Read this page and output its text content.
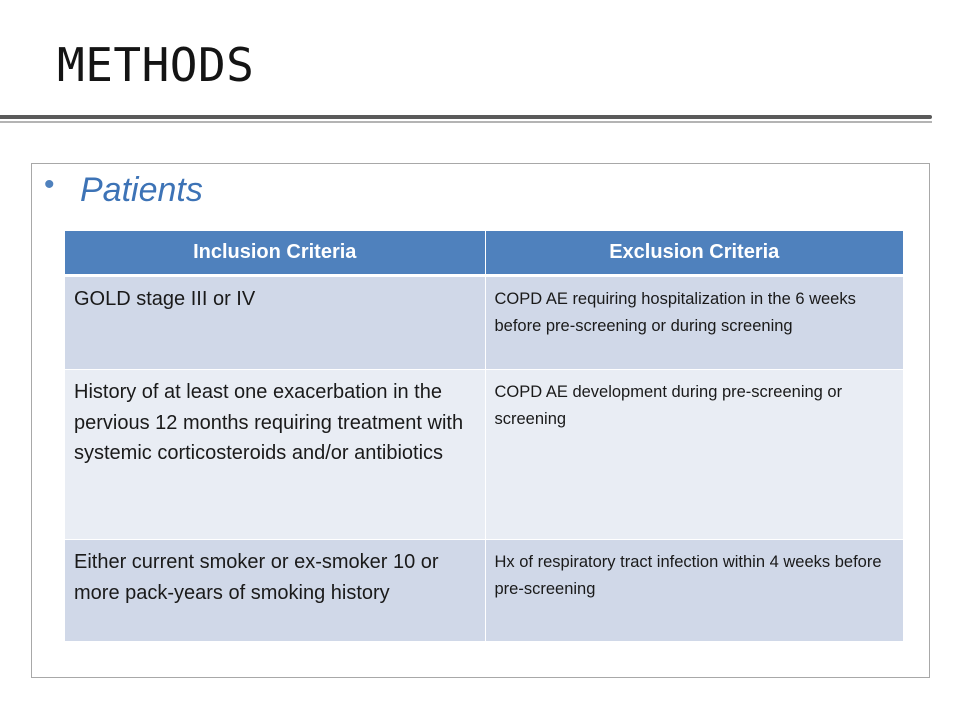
METHODS
• Patients
Inclusion Criteria	Exclusion Criteria
GOLD stage III or IV	COPD AE requiring hospitalization in the 6 weeks before pre-screening or during screening
History of at least one exacerbation in the pervious 12 months requiring treatment with systemic corticosteroids and/or antibiotics	COPD AE development during pre-screening or screening
Either current smoker or ex-smoker 10 or more pack-years of smoking history	Hx of respiratory tract infection within 4 weeks before pre-screening
